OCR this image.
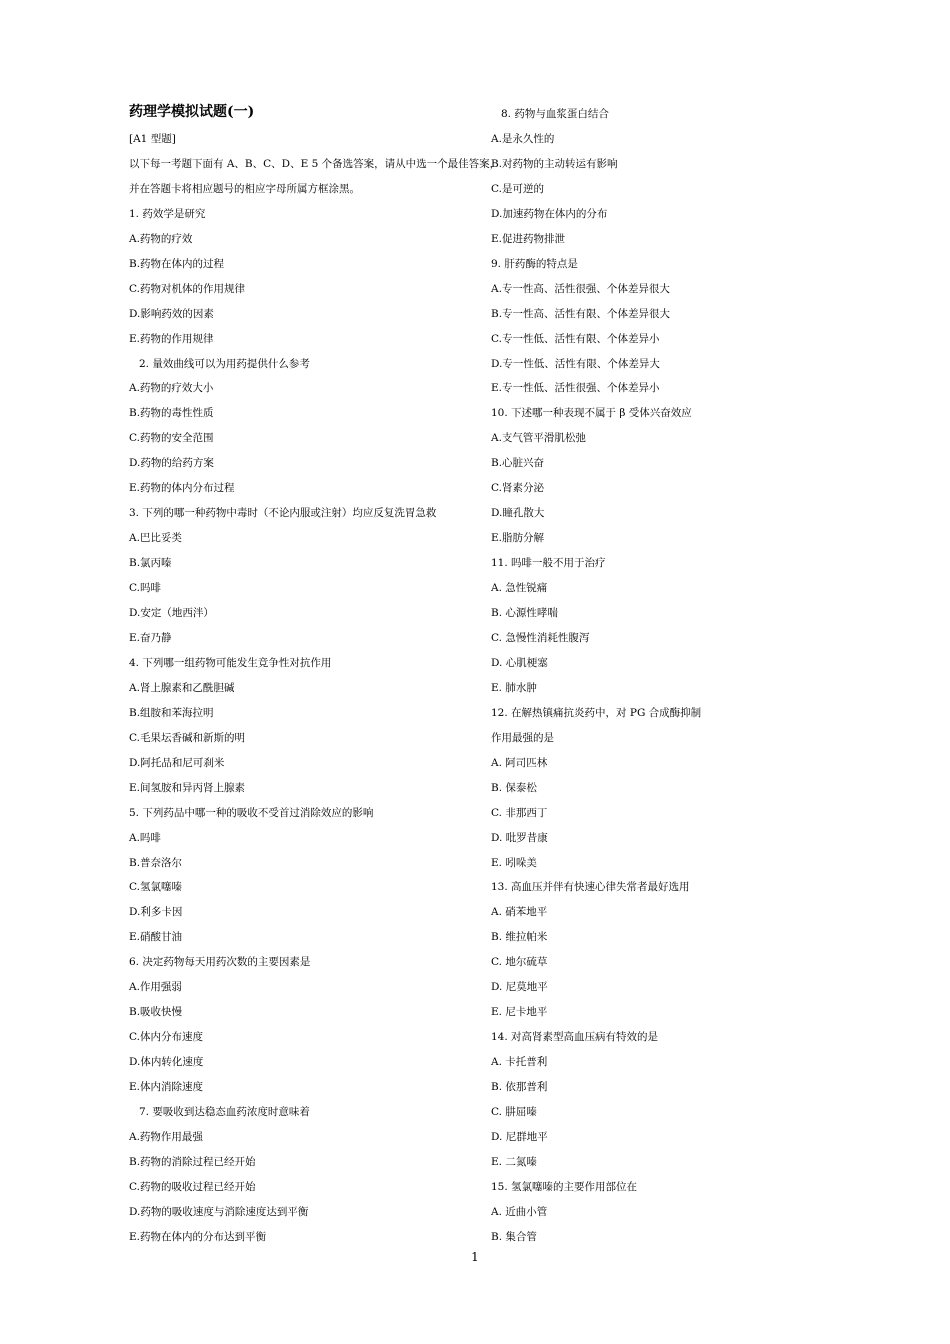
药理学模拟试题(一)
[A1 型题]
以下每一考题下面有 A、B、C、D、E 5 个备选答案，请从中选一个最佳答案，
并在答题卡将相应题号的相应字母所属方框涂黑。
1. 药效学是研究
A.药物的疗效
B.药物在体内的过程
C.药物对机体的作用规律
D.影响药效的因素
E.药物的作用规律
2. 量效曲线可以为用药提供什么参考
A.药物的疗效大小
B.药物的毒性性质
C.药物的安全范围
D.药物的给药方案
E.药物的体内分布过程
3. 下列的哪一种药物中毒时（不论内服或注射）均应反复洗胃急救
A.巴比妥类
B.氯丙嗪
C.吗啡
D.安定（地西泮）
E.奋乃静
4. 下列哪一组药物可能发生竞争性对抗作用
A.肾上腺素和乙酰胆碱
B.组胺和苯海拉明
C.毛果坛香碱和新斯的明
D.阿托品和尼可刹米
E.间氢胺和异丙肾上腺素
5. 下列药品中哪一种的吸收不受首过消除效应的影响
A.吗啡
B.普奈洛尔
C.氢氯噻嗪
D.利多卡因
E.硝酸甘油
6. 决定药物每天用药次数的主要因素是
A.作用强弱
B.吸收快慢
C.体内分布速度
D.体内转化速度
E.体内消除速度
7. 要吸收到达稳态血药浓度时意味着
A.药物作用最强
B.药物的消除过程已经开始
C.药物的吸收过程已经开始
D.药物的吸收速度与消除速度达到平衡
E.药物在体内的分布达到平衡
8. 药物与血浆蛋白结合
A.是永久性的
B.对药物的主动转运有影响
C.是可逆的
D.加速药物在体内的分布
E.促进药物排泄
9. 肝药酶的特点是
A.专一性高、活性很强、个体差异很大
B.专一性高、活性有限、个体差异很大
C.专一性低、活性有限、个体差异小
D.专一性低、活性有限、个体差异大
E.专一性低、活性很强、个体差异小
10. 下述哪一种表现不属于 β 受体兴奋效应
A.支气管平滑肌松弛
B.心脏兴奋
C.肾素分泌
D.瞳孔散大
E.脂肪分解
11. 吗啡一般不用于治疗
A. 急性锐痛
B. 心源性哮喘
C. 急慢性消耗性腹泻
D. 心肌梗塞
E. 肺水肿
12. 在解热镇痛抗炎药中，对 PG 合成酶抑制
作用最强的是
A. 阿司匹林
B. 保泰松
C. 非那西丁
D. 吡罗昔康
E. 吲哚美
13. 高血压并伴有快速心律失常者最好选用
A. 硝苯地平
B. 维拉帕米
C. 地尔硫草
D. 尼莫地平
E. 尼卡地平
14. 对高肾素型高血压病有特效的是
A. 卡托普利
B. 依那普利
C. 肼屈嗪
D. 尼群地平
E. 二氮嗪
15. 氢氯噻嗪的主要作用部位在
A. 近曲小管
B. 集合管
1
